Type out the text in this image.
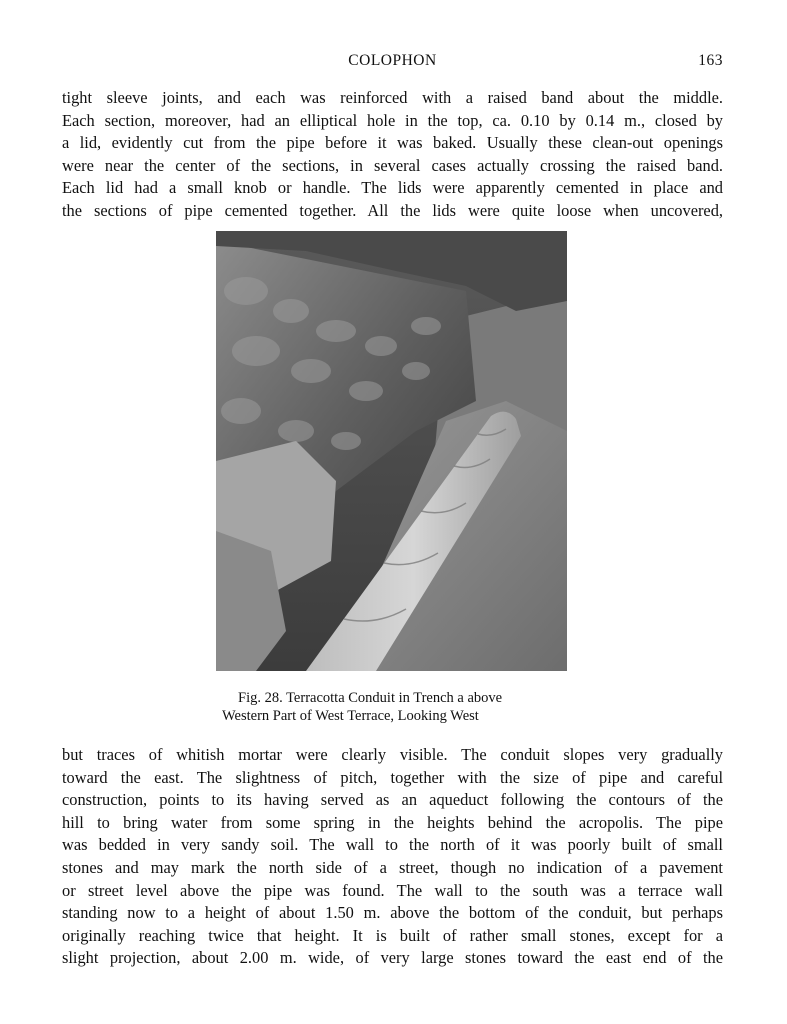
COLOPHON	163
tight sleeve joints, and each was reinforced with a raised band about the middle.
Each section, moreover, had an elliptical hole in the top, ca. 0.10 by 0.14 m., closed by
a lid, evidently cut from the pipe before it was baked. Usually these clean-out openings
were near the center of the sections, in several cases actually crossing the raised band.
Each lid had a small knob or handle. The lids were apparently cemented in place and
the sections of pipe cemented together. All the lids were quite loose when uncovered,
Fig. 28. Terracotta Conduit in Trench a above
Western Part of West Terrace, Looking West
but traces of whitish mortar were clearly visible. The conduit slopes very gradually
toward the east. The slightness of pitch, together with the size of pipe and careful
construction, points to its having served as an aqueduct following the contours of the
hill to bring water from some spring in the heights behind the acropolis. The pipe
was bedded in very sandy soil. The wall to the north of it was poorly built of small
stones and may mark the north side of a street, though no indication of a pavement
or street level above the pipe was found. The wall to the south was a terrace wall
standing now to a height of about 1.50 m. above the bottom of the conduit, but perhaps
originally reaching twice that height. It is built of rather small stones, except for a
slight projection, about 2.00 m. wide, of very large stones toward the east end of the
